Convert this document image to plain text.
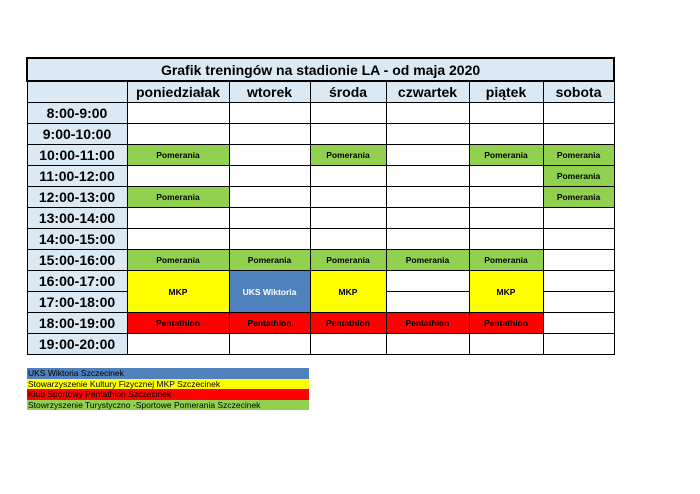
Grafik treningów na stadionie LA - od maja 2020						
	poniedziałak	wtorek	środa	czwartek	piątek	sobota
8:00-9:00						
9:00-10:00						
10:00-11:00	Pomerania		Pomerania		Pomerania	Pomerania
11:00-12:00						Pomerania
12:00-13:00	Pomerania					Pomerania
13:00-14:00						
14:00-15:00						
15:00-16:00	Pomerania	Pomerania	Pomerania	Pomerania	Pomerania	
16:00-17:00	MKP	UKS Wiktoria	MKP		MKP	
17:00-18:00						
18:00-19:00	Pentathlon	Pentathlon	Pentathlon	Pentathlon	Pentathlon	
19:00-20:00						
UKS Wiktoria Szczecinek
Stowarzyszenie Kultury Fizycznej MKP Szczecinek
Klub Sportowy Pentathlon Szczecinek
Stowrzyszenie Turystyczno -Sportowe Pomerania Szczecinek
